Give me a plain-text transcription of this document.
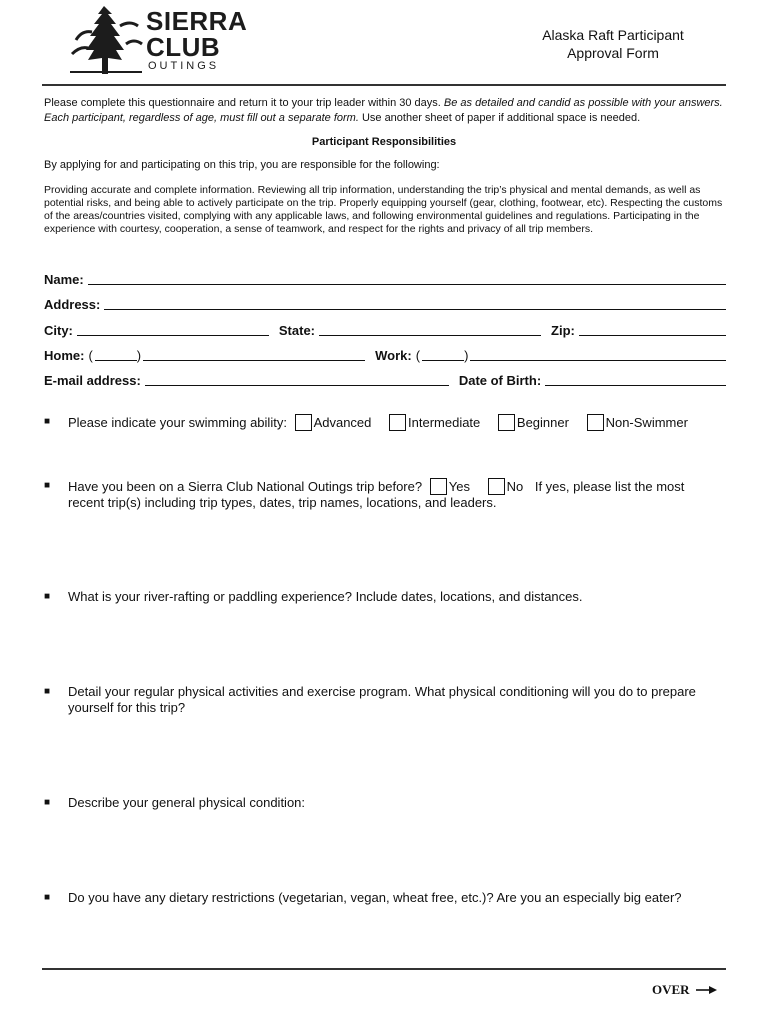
SIERRA
CLUB
OUTINGS
Alaska Raft Participant
Approval Form
Please complete this questionnaire and return it to your trip leader within 30 days. Be as detailed and candid as possible with your answers. Each participant, regardless of age, must fill out a separate form. Use another sheet of paper if additional space is needed.
Participant Responsibilities
By applying for and participating on this trip, you are responsible for the following:
Providing accurate and complete information. Reviewing all trip information, understanding the trip’s physical and mental demands, as well as potential risks, and being able to actively participate on the trip. Properly equipping yourself (gear, clothing, footwear, etc). Respecting the customs of the areas/countries visited, complying with any applicable laws, and following environmental guidelines and regulations. Participating in the experience with courtesy, cooperation, a sense of teamwork, and respect for the rights and privacy of all trip members.
Name:
Address:
City:	State:	Zip:
Home: (	)	Work: (	)
E-mail address:	Date of Birth:
■ Please indicate your swimming ability: Advanced	Intermediate	Beginner	Non-Swimmer
■ Have you been on a Sierra Club National Outings trip before? Yes	No If yes, please list the most
recent trip(s) including trip types, dates, trip names, locations, and leaders.
■ What is your river-rafting or paddling experience? Include dates, locations, and distances.
■ Detail your regular physical activities and exercise program. What physical conditioning will you do to prepare yourself for this trip?
■ Describe your general physical condition:
■ Do you have any dietary restrictions (vegetarian, vegan, wheat free, etc.)? Are you an especially big eater?
OVER
